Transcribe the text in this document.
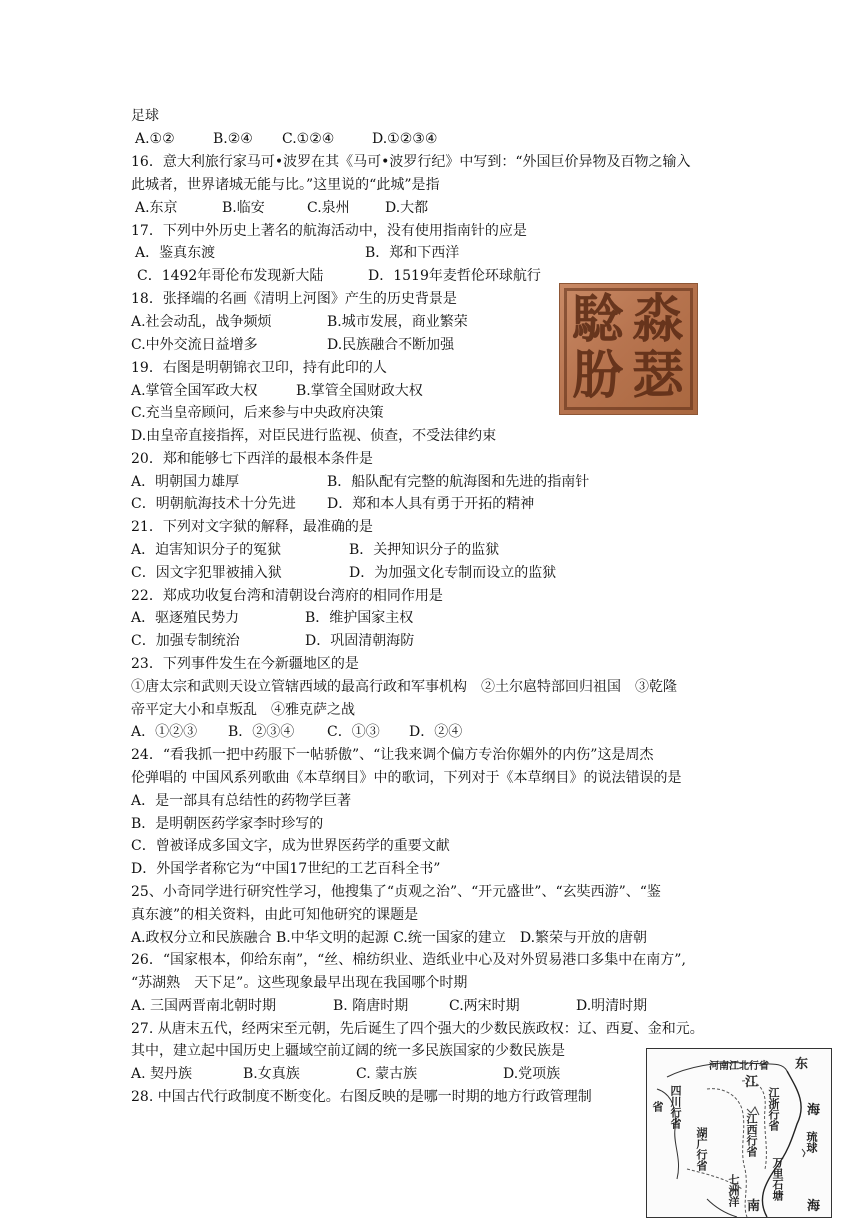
足球
A.①②	B.②④ C.①②④	D.①②③④
16．意大利旅行家马可•波罗在其《马可•波罗行纪》中写到：“外国巨价异物及百物之输入
此城者，世界诸城无能与比。”这里说的“此城”是指
A.东京	B.临安	C.泉州	D.大都
17．下列中外历史上著名的航海活动中，没有使用指南针的应是
A．鉴真东渡	B．郑和下西洋
C．1492年哥伦布发现新大陆	D．1519年麦哲伦环球航行
18．张择端的名画《清明上河图》产生的历史背景是
A.社会动乱，战争频烦	B.城市发展，商业繁荣
C.中外交流日益增多	D.民族融合不断加强
19．右图是明朝锦衣卫印，持有此印的人
A.掌管全国军政大权	B.掌管全国财政大权
C.充当皇帝顾问，后来参与中央政府决策
D.由皇帝直接指挥，对臣民进行监视、侦查，不受法律约束
淼
瑟
騐
朌
20．郑和能够七下西洋的最根本条件是
A．明朝国力雄厚	B．船队配有完整的航海图和先进的指南针
C．明朝航海技术十分先进 D．郑和本人具有勇于开拓的精神
21．下列对文字狱的解释，最准确的是
A．迫害知识分子的冤狱	B．关押知识分子的监狱
C．因文字犯罪被捕入狱	D．为加强文化专制而设立的监狱
22．郑成功收复台湾和清朝设台湾府的相同作用是
A．驱逐殖民势力	B．维护国家主权
C．加强专制统治	D．巩固清朝海防
23．下列事件发生在今新疆地区的是
①唐太宗和武则天设立管辖西域的最高行政和军事机构　②土尔扈特部回归祖国　③乾隆
帝平定大小和卓叛乱　④雅克萨之战
A．①②③ B．②③④ C．①③ D．②④
24．“看我抓一把中药服下一帖骄傲”、“让我来调个偏方专治你媚外的内伤”这是周杰
伦弹唱的 中国风系列歌曲《本草纲目》中的歌词，下列对于《本草纲目》的说法错误的是
A．是一部具有总结性的药物学巨著
B．是明朝医药学家李时珍写的
C．曾被译成多国文字，成为世界医药学的重要文献
D．外国学者称它为“中国17世纪的工艺百科全书”
25、小奇同学进行研究性学习，他搜集了“贞观之治”、“开元盛世”、“玄奘西游”、“鉴
真东渡”的相关资料，由此可知他研究的课题是
A.政权分立和民族融合 B.中华文明的起源 C.统一国家的建立　D.繁荣与开放的唐朝
26．“国家根本，仰给东南”，“丝、棉纺织业、造纸业中心及对外贸易港口多集中在南方”,
“苏湖熟　天下足”。这些现象最早出现在我国哪个时期
A. 三国两晋南北朝时期	B. 隋唐时期	C.两宋时期	D.明清时期
27. 从唐末五代，经两宋至元朝，先后诞生了四个强大的少数民族政权：辽、西夏、金和元。
其中，建立起中国历史上疆域空前辽阔的统一多民族国家的少数民族是
A. 契丹族	B.女真族	C. 蒙古族	D.党项族
28. 中国古代行政制度不断变化。右图反映的是哪一时期的地方行政管理制
河南江北行省 东
江
四川行省
省	江浙行省
江西行省
湖广行省
海
琉球
万里石塘
七洲洋 南	海
